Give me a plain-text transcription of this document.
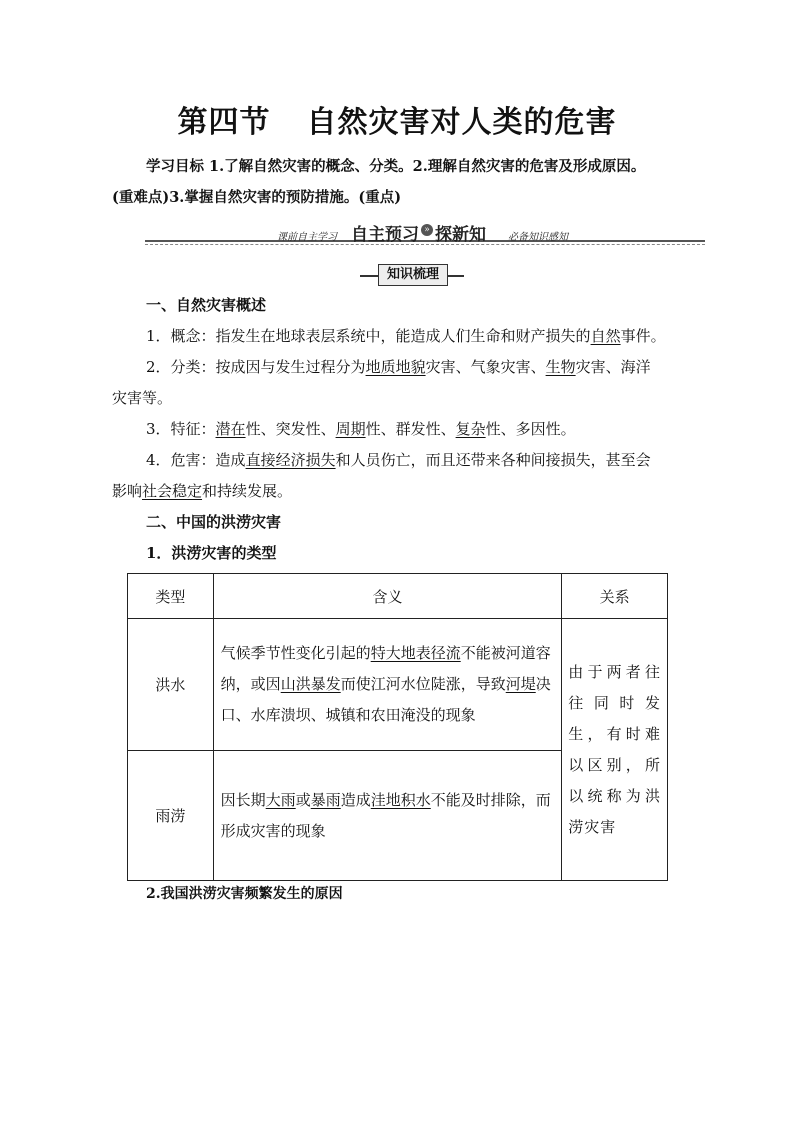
第四节 自然灾害对人类的危害
学习目标 1.了解自然灾害的概念、分类。2.理解自然灾害的危害及形成原因。
(重难点)3.掌握自然灾害的预防措施。(重点)
课前自主学习 自主预习 » 探新知 必备知识感知
知识梳理
一、自然灾害概述
1．概念：指发生在地球表层系统中，能造成人们生命和财产损失的自然事件。
2．分类：按成因与发生过程分为地质地貌灾害、气象灾害、生物灾害、海洋
灾害等。
3．特征：潜在性、突发性、周期性、群发性、复杂性、多因性。
4．危害：造成直接经济损失和人员伤亡，而且还带来各种间接损失，甚至会
影响社会稳定和持续发展。
二、中国的洪涝灾害
1．洪涝灾害的类型
类型	含义	关系
洪水	气候季节性变化引起的特大地表径流不能被河道容纳，或因山洪暴发而使江河水位陡涨，导致河堤决口、水库溃坝、城镇和农田淹没的现象	由于两者往往同时发生，有时难以区别，所以统称为洪涝灾害

雨涝	因长期大雨或暴雨造成洼地积水不能及时排除，而形成灾害的现象	
2.我国洪涝灾害频繁发生的原因
